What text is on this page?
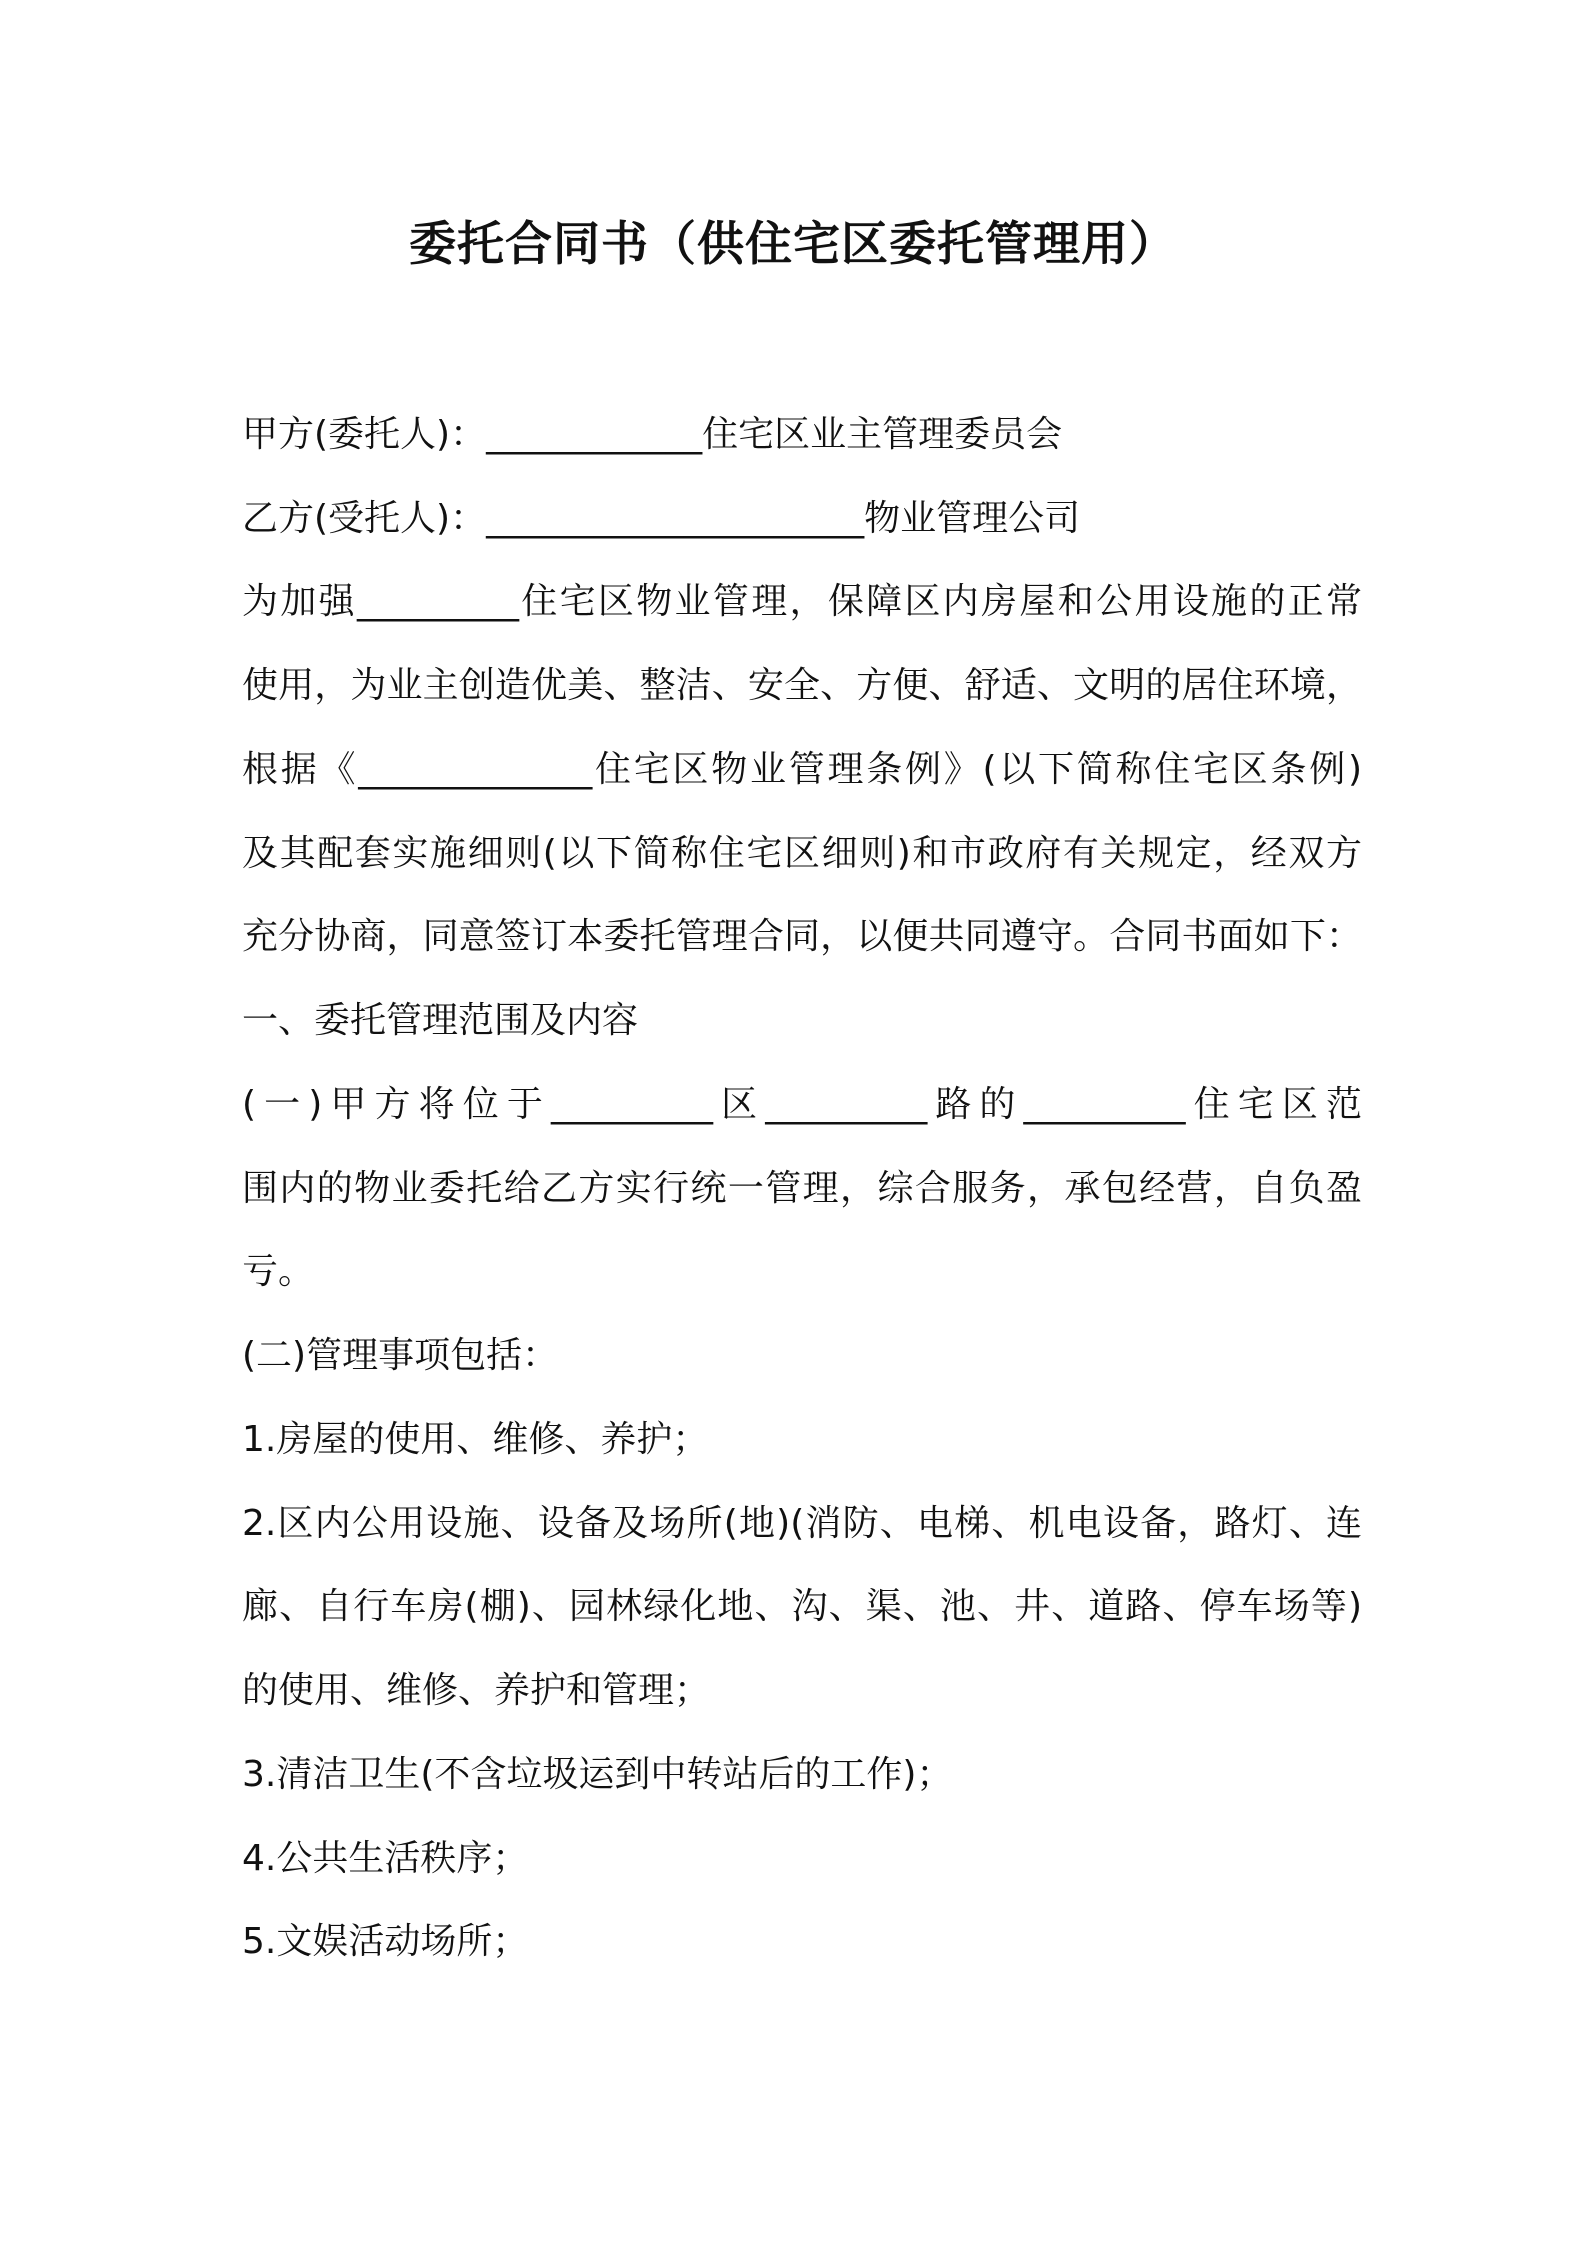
委托合同书（供住宅区委托管理用）
甲方(委托人)：____________住宅区业主管理委员会
乙方(受托人)：_____________________物业管理公司
为加强_________住宅区物业管理，保障区内房屋和公用设施的正常
使用，为业主创造优美、整洁、安全、方便、舒适、文明的居住环境，
根据《_____________住宅区物业管理条例》(以下简称住宅区条例)
及其配套实施细则(以下简称住宅区细则)和市政府有关规定，经双方
充分协商，同意签订本委托管理合同，以便共同遵守。合同书面如下：
一、委托管理范围及内容
(一)甲方将位于_________区_________路的_________住宅区范
围内的物业委托给乙方实行统一管理，综合服务，承包经营，自负盈
亏。
(二)管理事项包括：
1.房屋的使用、维修、养护；
2.区内公用设施、设备及场所(地)(消防、电梯、机电设备，路灯、连
廊、自行车房(棚)、园林绿化地、沟、渠、池、井、道路、停车场等)
的使用、维修、养护和管理；
3.清洁卫生(不含垃圾运到中转站后的工作)；
4.公共生活秩序；
5.文娱活动场所；
